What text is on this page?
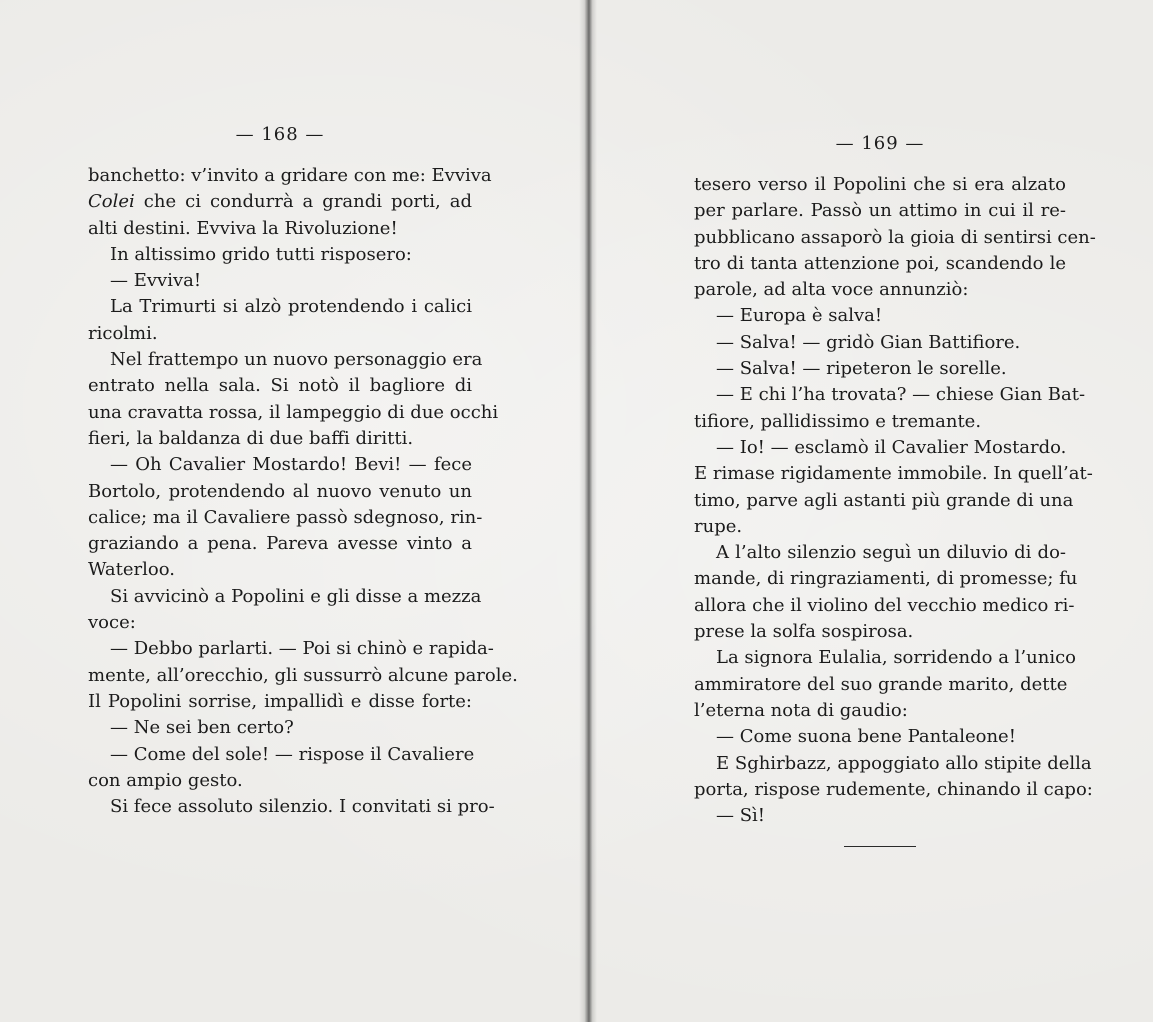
— 168 —
banchetto: v’invito a gridare con me: Evviva
Colei che ci condurrà a grandi porti, ad
alti destini. Evviva la Rivoluzione!
In altissimo grido tutti risposero:
— Evviva!
La Trimurti si alzò protendendo i calici
ricolmi.
Nel frattempo un nuovo personaggio era
entrato nella sala. Si notò il bagliore di
una cravatta rossa, il lampeggio di due occhi
fieri, la baldanza di due baffi diritti.
— Oh Cavalier Mostardo! Bevi! — fece
Bortolo, protendendo al nuovo venuto un
calice; ma il Cavaliere passò sdegnoso, rin-
graziando a pena. Pareva avesse vinto a
Waterloo.
Si avvicinò a Popolini e gli disse a mezza
voce:
— Debbo parlarti. — Poi si chinò e rapida-
mente, all’orecchio, gli sussurrò alcune parole.
Il Popolini sorrise, impallidì e disse forte:
— Ne sei ben certo?
— Come del sole! — rispose il Cavaliere
con ampio gesto.
Si fece assoluto silenzio. I convitati si pro-
— 169 —
tesero verso il Popolini che si era alzato
per parlare. Passò un attimo in cui il re-
pubblicano assaporò la gioia di sentirsi cen-
tro di tanta attenzione poi, scandendo le
parole, ad alta voce annunziò:
— Europa è salva!
— Salva! — gridò Gian Battifiore.
— Salva! — ripeteron le sorelle.
— E chi l’ha trovata? — chiese Gian Bat-
tifiore, pallidissimo e tremante.
— Io! — esclamò il Cavalier Mostardo.
E rimase rigidamente immobile. In quell’at-
timo, parve agli astanti più grande di una
rupe.
A l’alto silenzio seguì un diluvio di do-
mande, di ringraziamenti, di promesse; fu
allora che il violino del vecchio medico ri-
prese la solfa sospirosa.
La signora Eulalia, sorridendo a l’unico
ammiratore del suo grande marito, dette
l’eterna nota di gaudio:
— Come suona bene Pantaleone!
E Sghirbazz, appoggiato allo stipite della
porta, rispose rudemente, chinando il capo:
— Sì!
